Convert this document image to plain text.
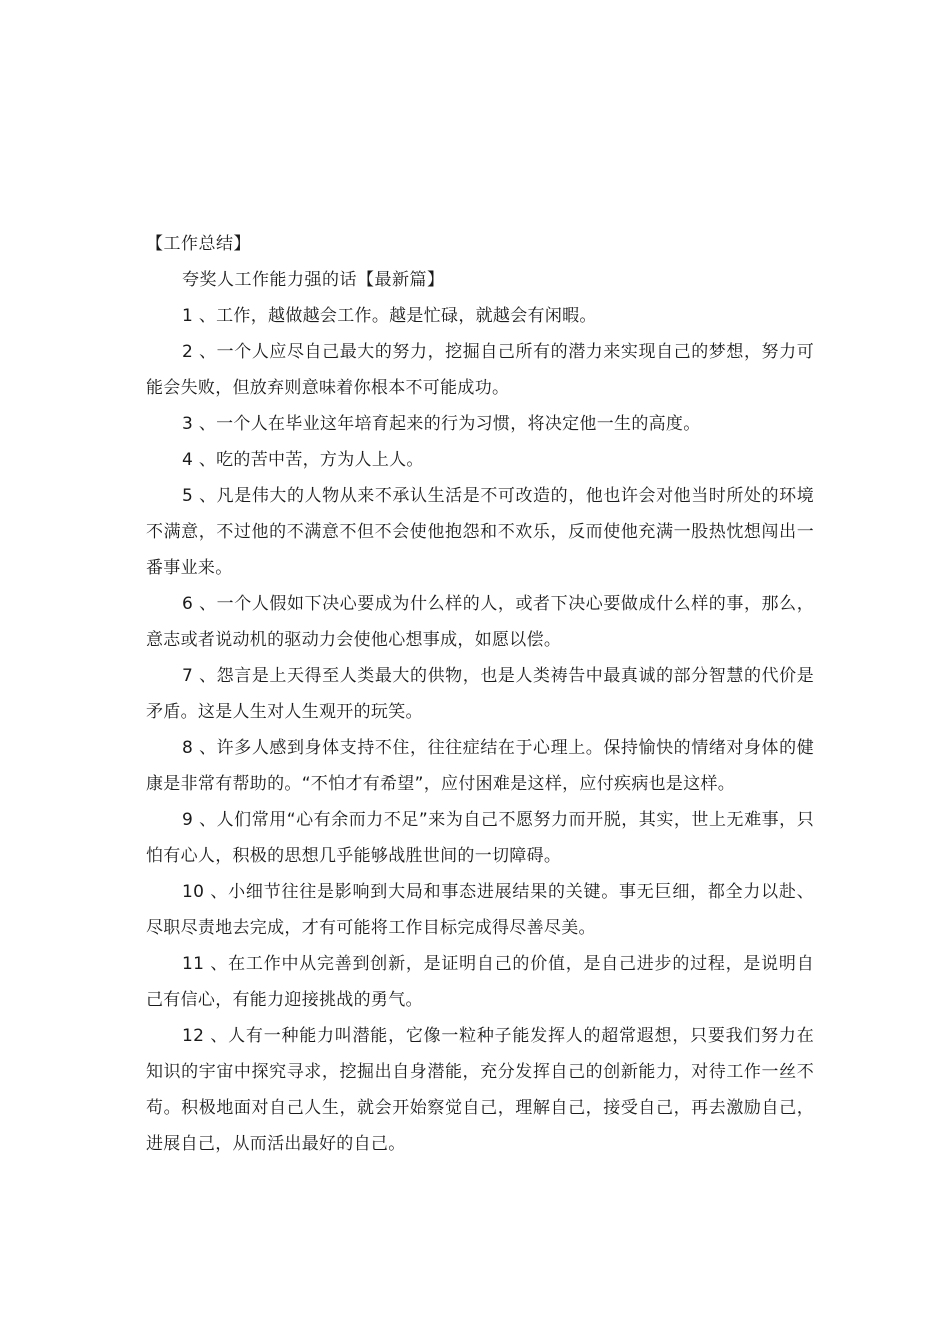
【工作总结】

夸奖人工作能力强的话【最新篇】

1 、工作，越做越会工作。越是忙碌，就越会有闲暇。

2 、一个人应尽自己最大的努力，挖掘自己所有的潜力来实现自己的梦想，努力可能会失败，但放弃则意味着你根本不可能成功。

3 、一个人在毕业这年培育起来的行为习惯，将决定他一生的高度。

4 、吃的苦中苦，方为人上人。

5 、凡是伟大的人物从来不承认生活是不可改造的，他也许会对他当时所处的环境不满意，不过他的不满意不但不会使他抱怨和不欢乐，反而使他充满一股热忱想闯出一番事业来。

6 、一个人假如下决心要成为什么样的人，或者下决心要做成什么样的事，那么，意志或者说动机的驱动力会使他心想事成，如愿以偿。

7 、怨言是上天得至人类最大的供物，也是人类祷告中最真诚的部分智慧的代价是矛盾。这是人生对人生观开的玩笑。

8 、许多人感到身体支持不住，往往症结在于心理上。保持愉快的情绪对身体的健康是非常有帮助的。“不怕才有希望”，应付困难是这样，应付疾病也是这样。

9 、人们常用“心有余而力不足”来为自己不愿努力而开脱，其实，世上无难事，只怕有心人，积极的思想几乎能够战胜世间的一切障碍。

10 、小细节往往是影响到大局和事态进展结果的关键。事无巨细，都全力以赴、尽职尽责地去完成，才有可能将工作目标完成得尽善尽美。

11 、在工作中从完善到创新，是证明自己的价值，是自己进步的过程，是说明自己有信心，有能力迎接挑战的勇气。

12 、人有一种能力叫潜能，它像一粒种子能发挥人的超常遐想，只要我们努力在知识的宇宙中探究寻求，挖掘出自身潜能，充分发挥自己的创新能力，对待工作一丝不苟。积极地面对自己人生，就会开始察觉自己，理解自己，接受自己，再去激励自己，进展自己，从而活出最好的自己。
